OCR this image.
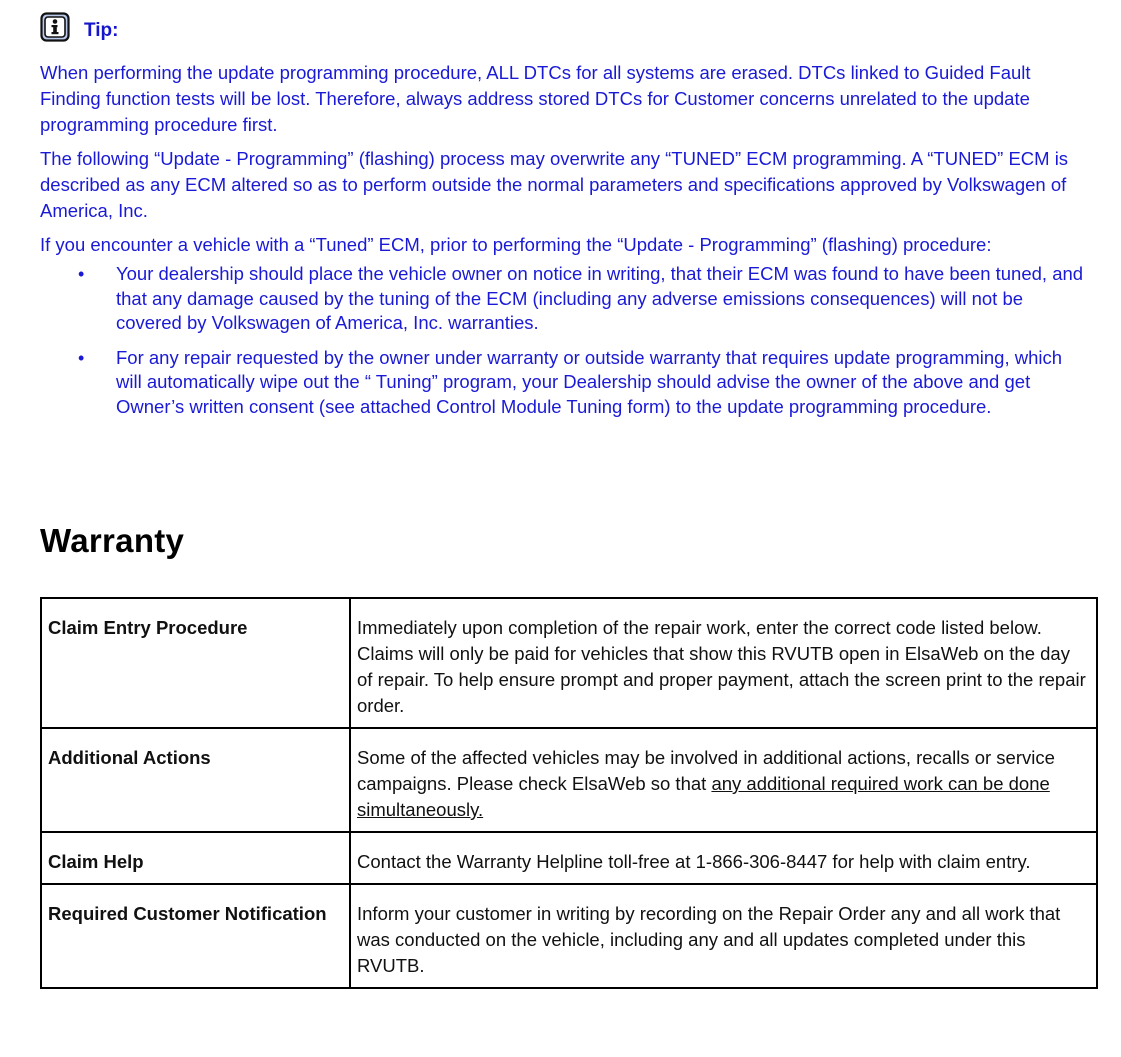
Tip:

When performing the update programming procedure, ALL DTCs for all systems are erased. DTCs linked to Guided Fault Finding function tests will be lost. Therefore, always address stored DTCs for Customer concerns unrelated to the update programming procedure first.

The following “Update - Programming” (flashing) process may overwrite any “TUNED” ECM programming. A “TUNED” ECM is described as any ECM altered so as to perform outside the normal parameters and specifications approved by Volkswagen of America, Inc.

If you encounter a vehicle with a “Tuned” ECM, prior to performing the “Update - Programming” (flashing) procedure:

• Your dealership should place the vehicle owner on notice in writing, that their ECM was found to have been tuned, and that any damage caused by the tuning of the ECM (including any adverse emissions consequences) will not be covered by Volkswagen of America, Inc. warranties.
• For any repair requested by the owner under warranty or outside warranty that requires update programming, which will automatically wipe out the “ Tuning” program, your Dealership should advise the owner of the above and get Owner’s written consent (see attached Control Module Tuning form) to the update programming procedure.
Warranty
Claim Entry Procedure	Immediately upon completion of the repair work, enter the correct code listed below. Claims will only be paid for vehicles that show this RVUTB open in ElsaWeb on the day of repair. To help ensure prompt and proper payment, attach the screen print to the repair order.
Additional Actions	Some of the affected vehicles may be involved in additional actions, recalls or service campaigns. Please check ElsaWeb so that any additional required work can be done simultaneously.
Claim Help	Contact the Warranty Helpline toll-free at 1-866-306-8447 for help with claim entry.
Required Customer Notification	Inform your customer in writing by recording on the Repair Order any and all work that was conducted on the vehicle, including any and all updates completed under this RVUTB.
